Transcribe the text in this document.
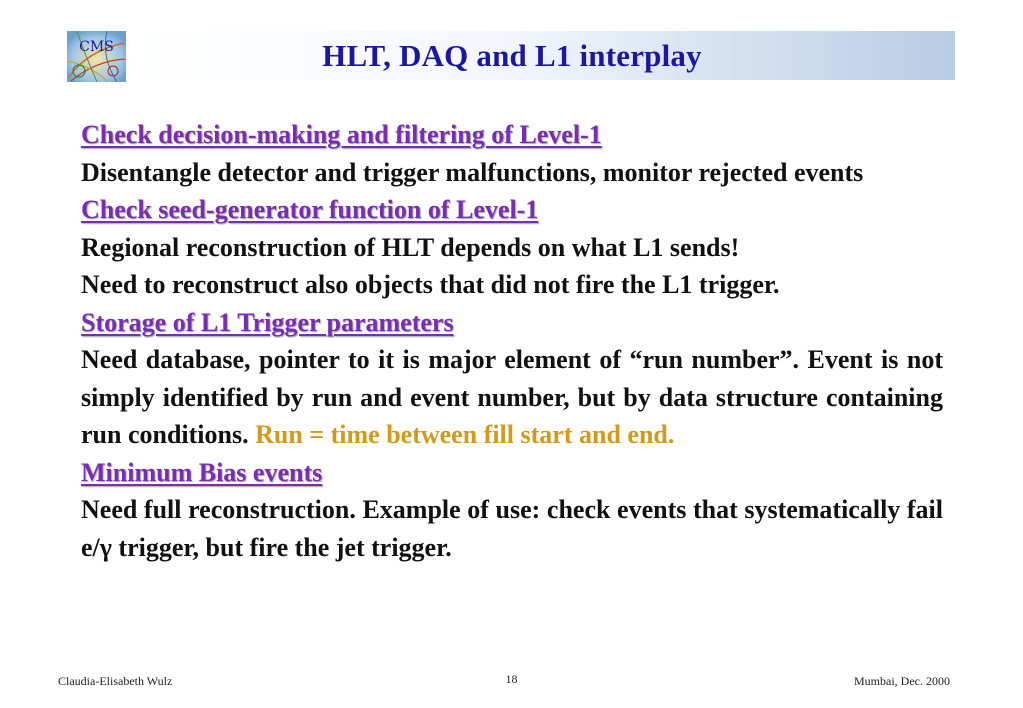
CMS	HLT, DAQ and L1 interplay

Check decision-making and filtering of Level-1

Disentangle detector and trigger malfunctions, monitor rejected events

Check seed-generator function of Level-1

Regional reconstruction of HLT depends on what L1 sends!

Need to reconstruct also objects that did not fire the L1 trigger.

Storage of L1 Trigger parameters

Need database, pointer to it is major element of “run number”. Event is not simply identified by run and event number, but by data structure containing run conditions. Run = time between fill start and end.

Minimum Bias events

Need full reconstruction. Example of use: check events that systematically fail e/γ trigger, but fire the jet trigger.

Claudia-Elisabeth Wulz	18	Mumbai, Dec. 2000
